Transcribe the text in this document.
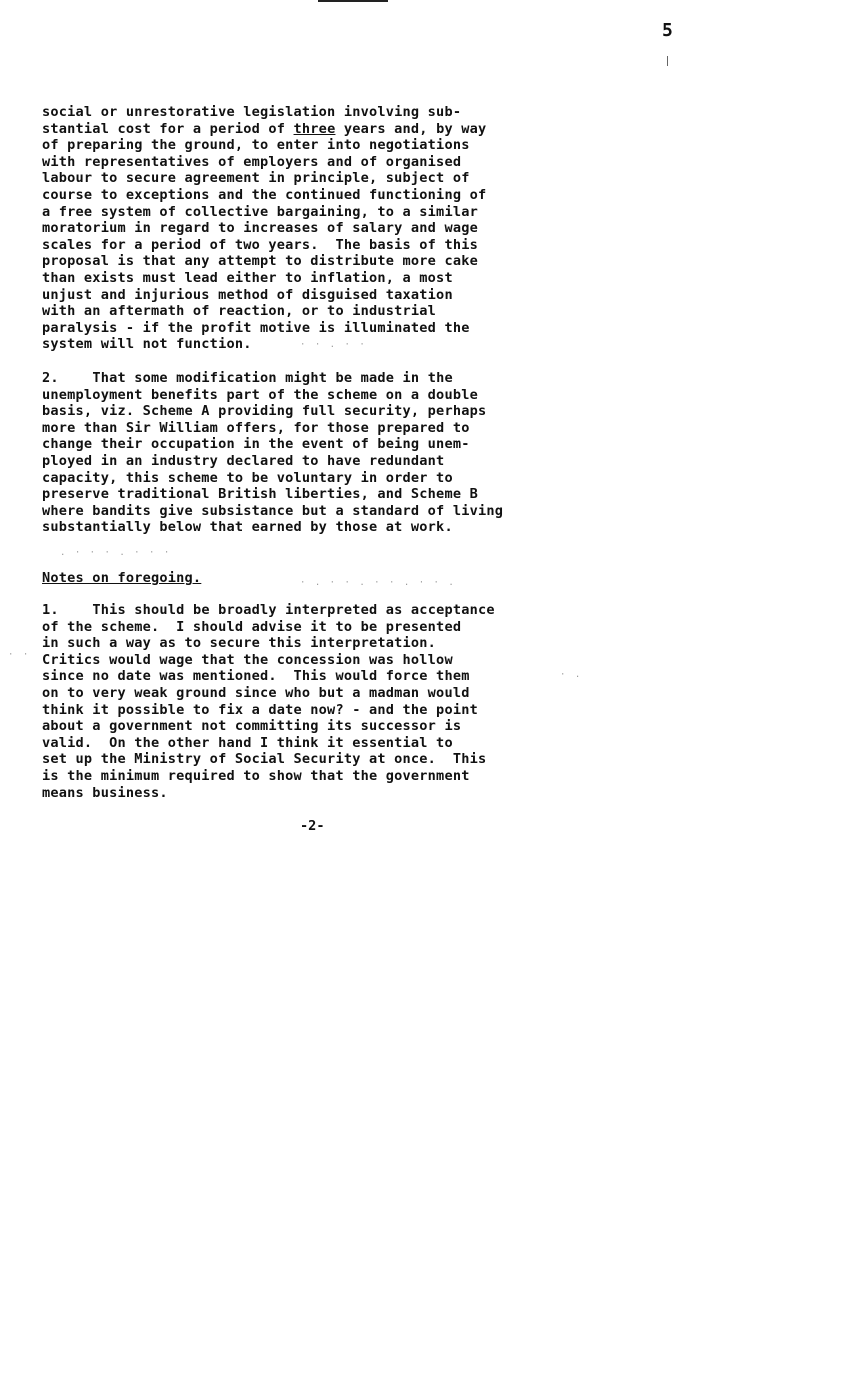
5
social or unrestorative legislation involving sub-
stantial cost for a period of three years and, by way
of preparing the ground, to enter into negotiations
with representatives of employers and of organised
labour to secure agreement in principle, subject of
course to exceptions and the continued functioning of
a free system of collective bargaining, to a similar
moratorium in regard to increases of salary and wage
scales for a period of two years.  The basis of this
proposal is that any attempt to distribute more cake
than exists must lead either to inflation, a most
unjust and injurious method of disguised taxation
with an aftermath of reaction, or to industrial
paralysis - if the profit motive is illuminated the
system will not function.
2. That some modification might be made in the
unemployment benefits part of the scheme on a double
basis, viz. Scheme A providing full security, perhaps
more than Sir William offers, for those prepared to
change their occupation in the event of being unem-
ployed in an industry declared to have redundant
capacity, this scheme to be voluntary in order to
preserve traditional British liberties, and Scheme B
where bandits give subsistance but a standard of living
substantially below that earned by those at work.
Notes on foregoing.
1. This should be broadly interpreted as acceptance
of the scheme.  I should advise it to be presented
in such a way as to secure this interpretation.
Critics would wage that the concession was hollow
since no date was mentioned.  This would force them
on to very weak ground since who but a madman would
think it possible to fix a date now? - and the point
about a government not committing its successor is
valid.  On the other hand I think it essential to
set up the Ministry of Social Security at once.  This
is the minimum required to show that the government
means business.
-2-
· · . · ·
. · · · . · · ·
· . · · . · · . · · .
· .
· ·
